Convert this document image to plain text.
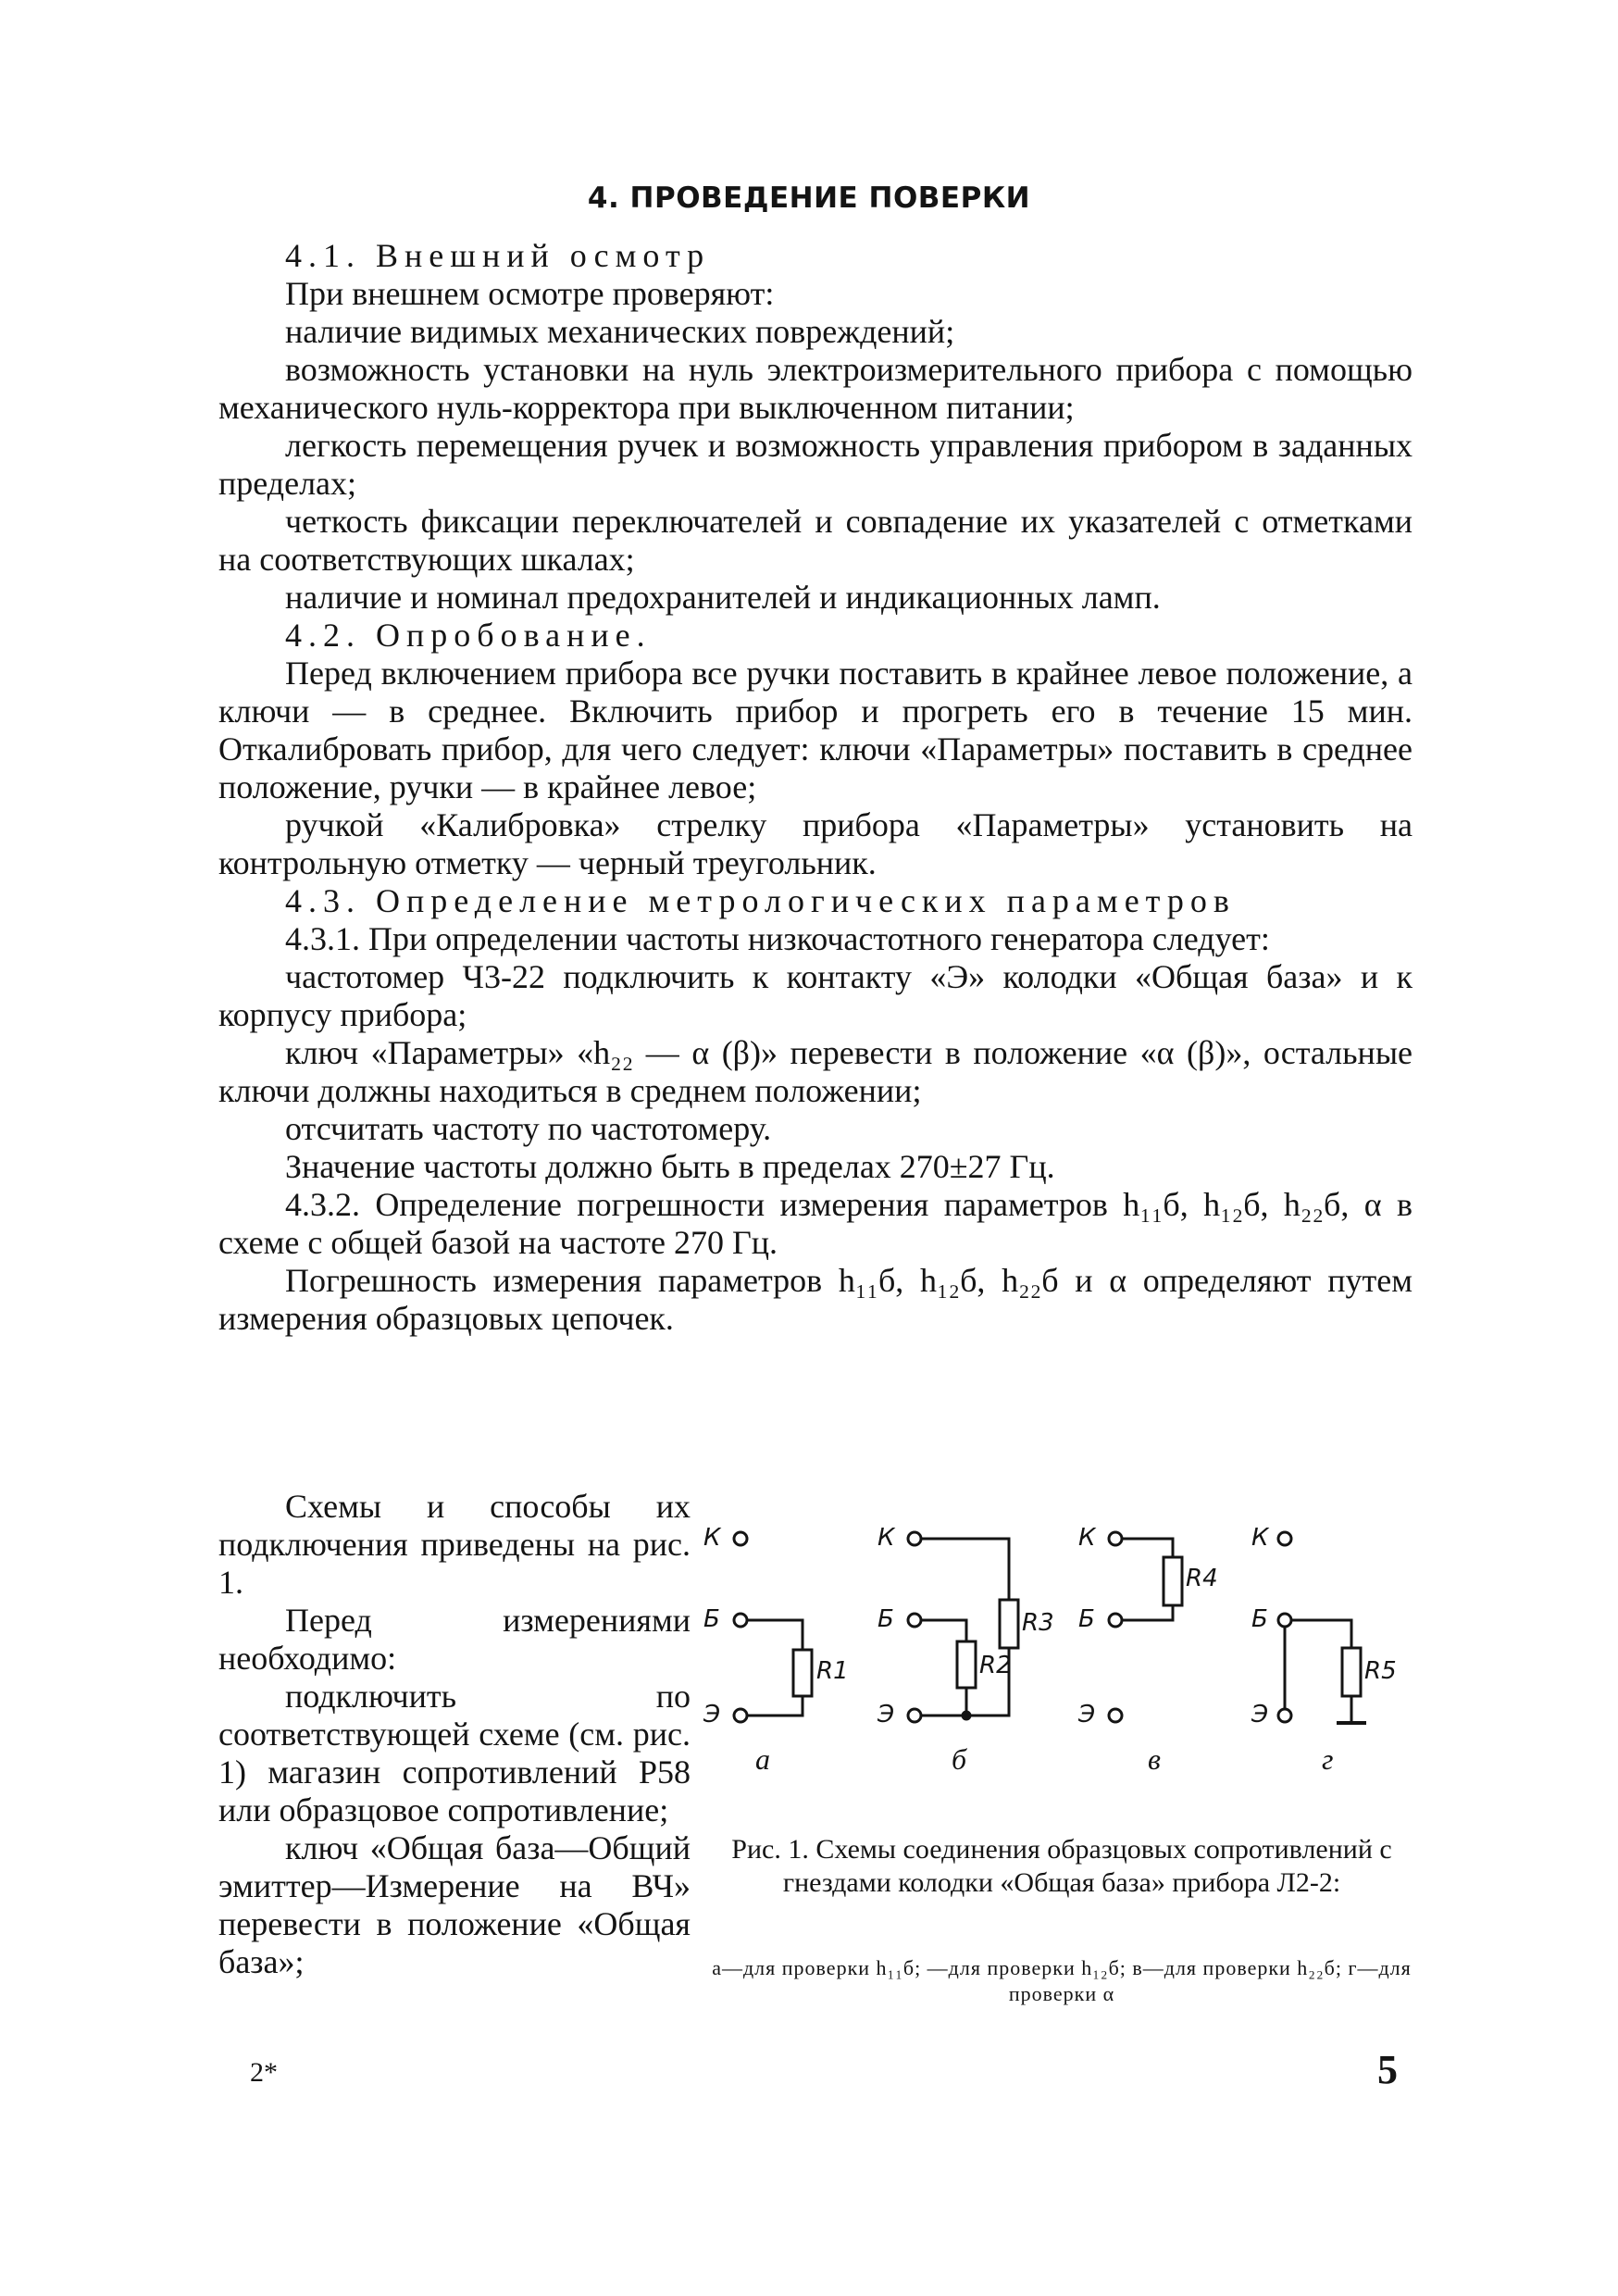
4. ПРОВЕДЕНИЕ ПОВЕРКИ

4.1. Внешний осмотр

При внешнем осмотре проверяют:

наличие видимых механических повреждений;

возможность установки на нуль электроизмерительного прибора с помощью механического нуль-корректора при выключенном питании;

легкость перемещения ручек и возможность управления прибором в заданных пределах;

четкость фиксации переключателей и совпадение их указателей с отметками на соответствующих шкалах;

наличие и номинал предохранителей и индикационных ламп.

4.2. Опробование.

Перед включением прибора все ручки поставить в крайнее левое положение, а ключи — в среднее. Включить прибор и прогреть его в течение 15 мин. Откалибровать прибор, для чего следует: ключи «Параметры» поставить в среднее положение, ручки — в крайнее левое;

ручкой «Калибровка» стрелку прибора «Параметры» установить на контрольную отметку — черный треугольник.

4.3. Определение метрологических параметров

4.3.1. При определении частоты низкочастотного генератора следует:

частотомер Ч3-22 подключить к контакту «Э» колодки «Общая база» и к корпусу прибора;

ключ «Параметры» «h₂₂ — α (β)» перевести в положение «α (β)», остальные ключи должны находиться в среднем положении;

отсчитать частоту по частотомеру.

Значение частоты должно быть в пределах 270±27 Гц.

4.3.2. Определение погрешности измерения параметров h₁₁б, h₁₂б, h₂₂б, α в схеме с общей базой на частоте 270 Гц.

Погрешность измерения параметров h₁₁б, h₁₂б, h₂₂б и α определяют путем измерения образцовых цепочек.

Схемы и способы их подключения приведены на рис. 1.

Перед измерениями необходимо:

подключить по соответствующей схеме (см. рис. 1) магазин сопротивлений Р58 или образцовое сопротивление;

ключ «Общая база—Общий эмиттер—Измерение на ВЧ» перевести в положение «Общая база»;

К
Б
Э
К
Б
Э
К
Б
Э
К
Б
Э
R1	R2
R3
R4
R5
а	б	в	г
Рис. 1. Схемы соединения образцовых сопротивлений с гнездами колодки «Общая база» прибора Л2-2:
а—для проверки h₁₁б; —для проверки h₁₂б; в—для проверки h₂₂б; г—для проверки α
2*	5
